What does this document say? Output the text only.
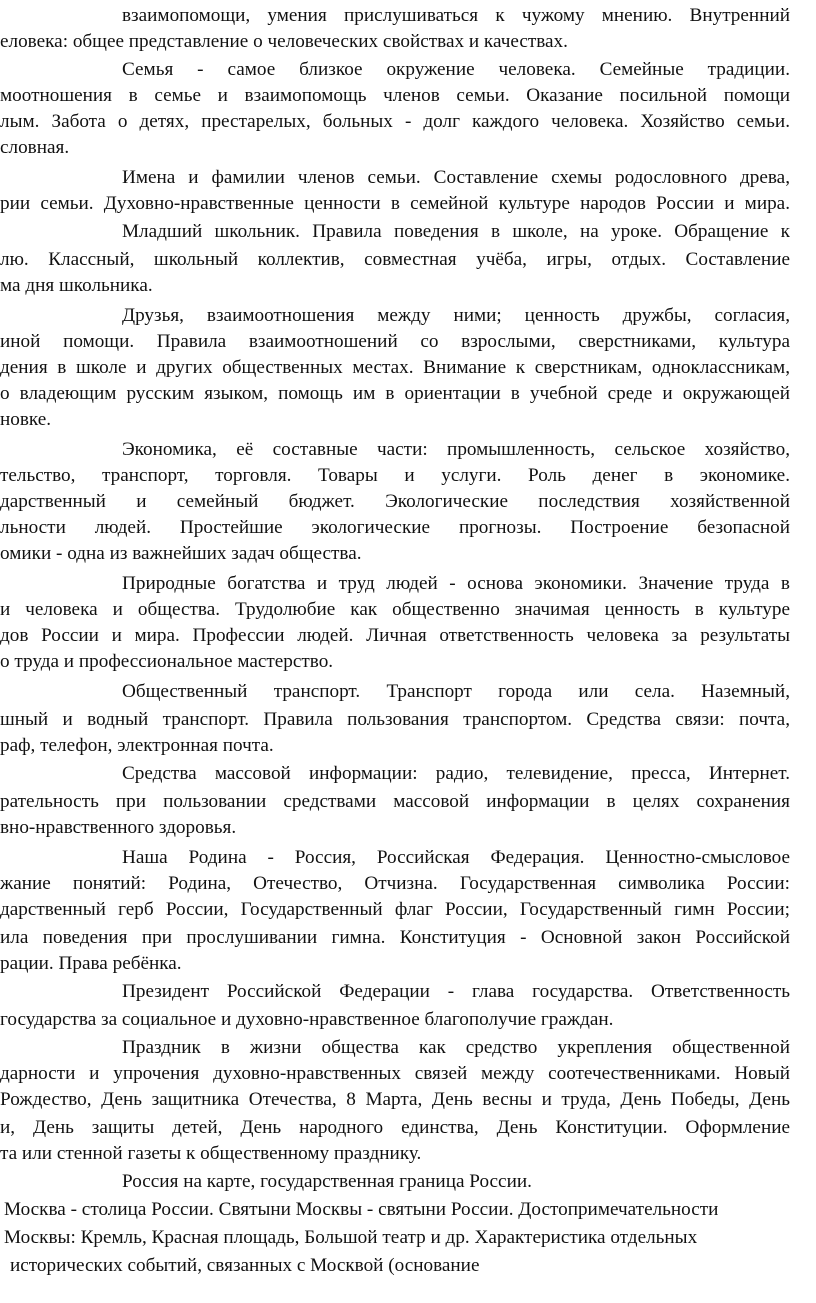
взаимопомощи, умения прислушиваться к чужому мнению. Внутренний
еловека: общее представление о человеческих свойствах и качествах.
Семья - самое близкое окружение человека. Семейные традиции.
моотношения в семье и взаимопомощь членов семьи. Оказание посильной помощи
лым. Забота о детях, престарелых, больных - долг каждого человека. Хозяйство семьи.
словная.
Имена и фамилии членов семьи. Составление схемы родословного древа,
рии семьи. Духовно-нравственные ценности в семейной культуре народов России и мира.
Младший школьник. Правила поведения в школе, на уроке. Обращение к
лю. Классный, школьный коллектив, совместная учёба, игры, отдых. Составление
ма дня школьника.
Друзья, взаимоотношения между ними; ценность дружбы, согласия,
иной помощи. Правила взаимоотношений со взрослыми, сверстниками, культура
дения в школе и других общественных местах. Внимание к сверстникам, одноклассникам,
о владеющим русским языком, помощь им в ориентации в учебной среде и окружающей
новке.
Экономика, её составные части: промышленность, сельское хозяйство,
тельство, транспорт, торговля. Товары и услуги. Роль денег в экономике.
дарственный и семейный бюджет. Экологические последствия хозяйственной
льности людей. Простейшие экологические прогнозы. Построение безопасной
омики - одна из важнейших задач общества.
Природные богатства и труд людей - основа экономики. Значение труда в
и человека и общества. Трудолюбие как общественно значимая ценность в культуре
дов России и мира. Профессии людей. Личная ответственность человека за результаты
о труда и профессиональное мастерство.
Общественный транспорт. Транспорт города или села. Наземный,
шный и водный транспорт. Правила пользования транспортом. Средства связи: почта,
раф, телефон, электронная почта.
Средства массовой информации: радио, телевидение, пресса, Интернет.
рательность при пользовании средствами массовой информации в целях сохранения
вно-нравственного здоровья.
Наша Родина - Россия, Российская Федерация. Ценностно-смысловое
жание понятий: Родина, Отечество, Отчизна. Государственная символика России:
дарственный герб России, Государственный флаг России, Государственный гимн России;
ила поведения при прослушивании гимна. Конституция - Основной закон Российской
рации. Права ребёнка.
Президент Российской Федерации - глава государства. Ответственность
государства за социальное и духовно-нравственное благополучие граждан.
Праздник в жизни общества как средство укрепления общественной
дарности и упрочения духовно-нравственных связей между соотечественниками. Новый
Рождество, День защитника Отечества, 8 Марта, День весны и труда, День Победы, День
и, День защиты детей, День народного единства, День Конституции. Оформление
та или стенной газеты к общественному празднику.
Россия на карте, государственная граница России.
Москва - столица России. Святыни Москвы - святыни России. Достопримечательности
Москвы: Кремль, Красная площадь, Большой театр и др. Характеристика отдельных
исторических событий, связанных с Москвой (основание
